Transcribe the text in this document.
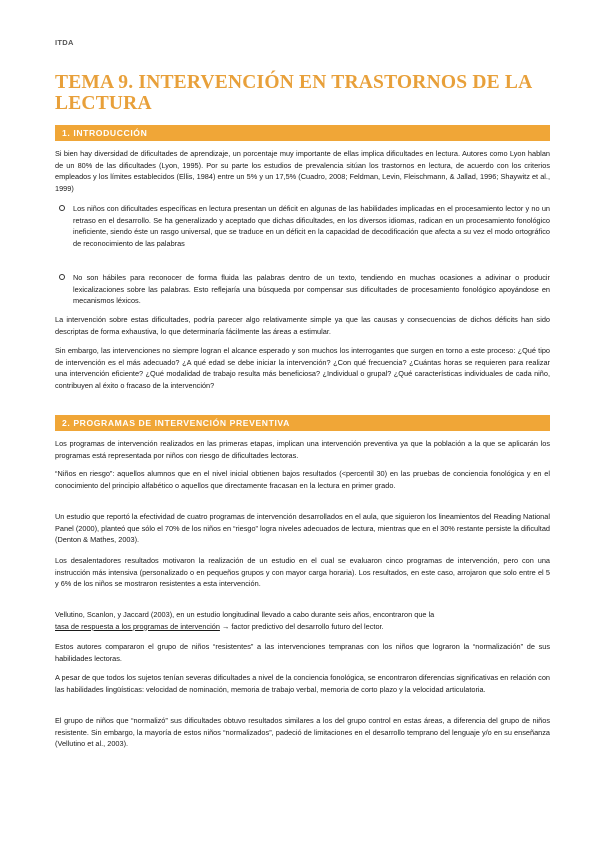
ITDA
TEMA 9. INTERVENCIÓN EN TRASTORNOS DE LA LECTURA
1. INTRODUCCIÓN
Si bien hay diversidad de dificultades de aprendizaje, un porcentaje muy importante de ellas implica dificultades en lectura. Autores como Lyon hablan de un 80% de las dificultades (Lyon, 1995). Por su parte los estudios de prevalencia sitúan los trastornos en lectura, de acuerdo con los criterios empleados y los límites establecidos (Ellis, 1984) entre un 5% y un 17,5% (Cuadro, 2008; Feldman, Levin, Fleischmann, & Jallad, 1996; Shaywitz et al., 1999)
Los niños con dificultades específicas en lectura presentan un déficit en algunas de las habilidades implicadas en el procesamiento lector y no un retraso en el desarrollo. Se ha generalizado y aceptado que dichas dificultades, en los diversos idiomas, radican en un procesamiento fonológico ineficiente, siendo éste un rasgo universal, que se traduce en un déficit en la capacidad de decodificación que afecta a su vez el modo ortográfico de reconocimiento de las palabras
No son hábiles para reconocer de forma fluida las palabras dentro de un texto, tendiendo en muchas ocasiones a adivinar o producir lexicalizaciones sobre las palabras. Esto reflejaría una búsqueda por compensar sus dificultades de procesamiento fonológico apoyándose en mecanismos léxicos.
La intervención sobre estas dificultades, podría parecer algo relativamente simple ya que las causas y consecuencias de dichos déficits han sido descriptas de forma exhaustiva, lo que determinaría fácilmente las áreas a estimular.
Sin embargo, las intervenciones no siempre logran el alcance esperado y son muchos los interrogantes que surgen en torno a este proceso: ¿Qué tipo de intervención es el más adecuado? ¿A qué edad se debe iniciar la intervención? ¿Con qué frecuencia? ¿Cuántas horas se requieren para realizar una intervención eficiente? ¿Qué modalidad de trabajo resulta más beneficiosa? ¿Individual o grupal? ¿Qué características individuales de cada niño, contribuyen al éxito o fracaso de la intervención?
2. PROGRAMAS DE INTERVENCIÓN PREVENTIVA
Los programas de intervención realizados en las primeras etapas, implican una intervención preventiva ya que la población a la que se aplicarán los programas está representada por niños con riesgo de dificultades lectoras.
“Niños en riesgo”: aquellos alumnos que en el nivel inicial obtienen bajos resultados (<percentil 30) en las pruebas de conciencia fonológica y en el conocimiento del principio alfabético o aquellos que directamente fracasan en la lectura en primer grado.
Un estudio que reportó la efectividad de cuatro programas de intervención desarrollados en el aula, que siguieron los lineamientos del Reading National Panel (2000), planteó que sólo el 70% de los niños en “riesgo” logra niveles adecuados de lectura, mientras que en el 30% restante persiste la dificultad (Denton & Mathes, 2003).
Los desalentadores resultados motivaron la realización de un estudio en el cual se evaluaron cinco programas de intervención, pero con una instrucción más intensiva (personalizado o en pequeños grupos y con mayor carga horaria). Los resultados, en este caso, arrojaron que solo entre el 5 y 6% de los niños se mostraron resistentes a esta intervención.
Vellutino, Scanlon, y Jaccard (2003), en un estudio longitudinal llevado a cabo durante seis años, encontraron que la
tasa de respuesta a los programas de intervención → factor predictivo del desarrollo futuro del lector.
Estos autores compararon el grupo de niños “resistentes” a las intervenciones tempranas con los niños que lograron la “normalización” de sus habilidades lectoras.
A pesar de que todos los sujetos tenían severas dificultades a nivel de la conciencia fonológica, se encontraron diferencias significativas en relación con las habilidades lingüísticas: velocidad de nominación, memoria de trabajo verbal, memoria de corto plazo y la velocidad articulatoria.
El grupo de niños que “normalizó” sus dificultades obtuvo resultados similares a los del grupo control en estas áreas, a diferencia del grupo de niños resistente. Sin embargo, la mayoría de estos niños “normalizados”, padeció de limitaciones en el desarrollo temprano del lenguaje y/o en su enseñanza (Vellutino et al., 2003).
